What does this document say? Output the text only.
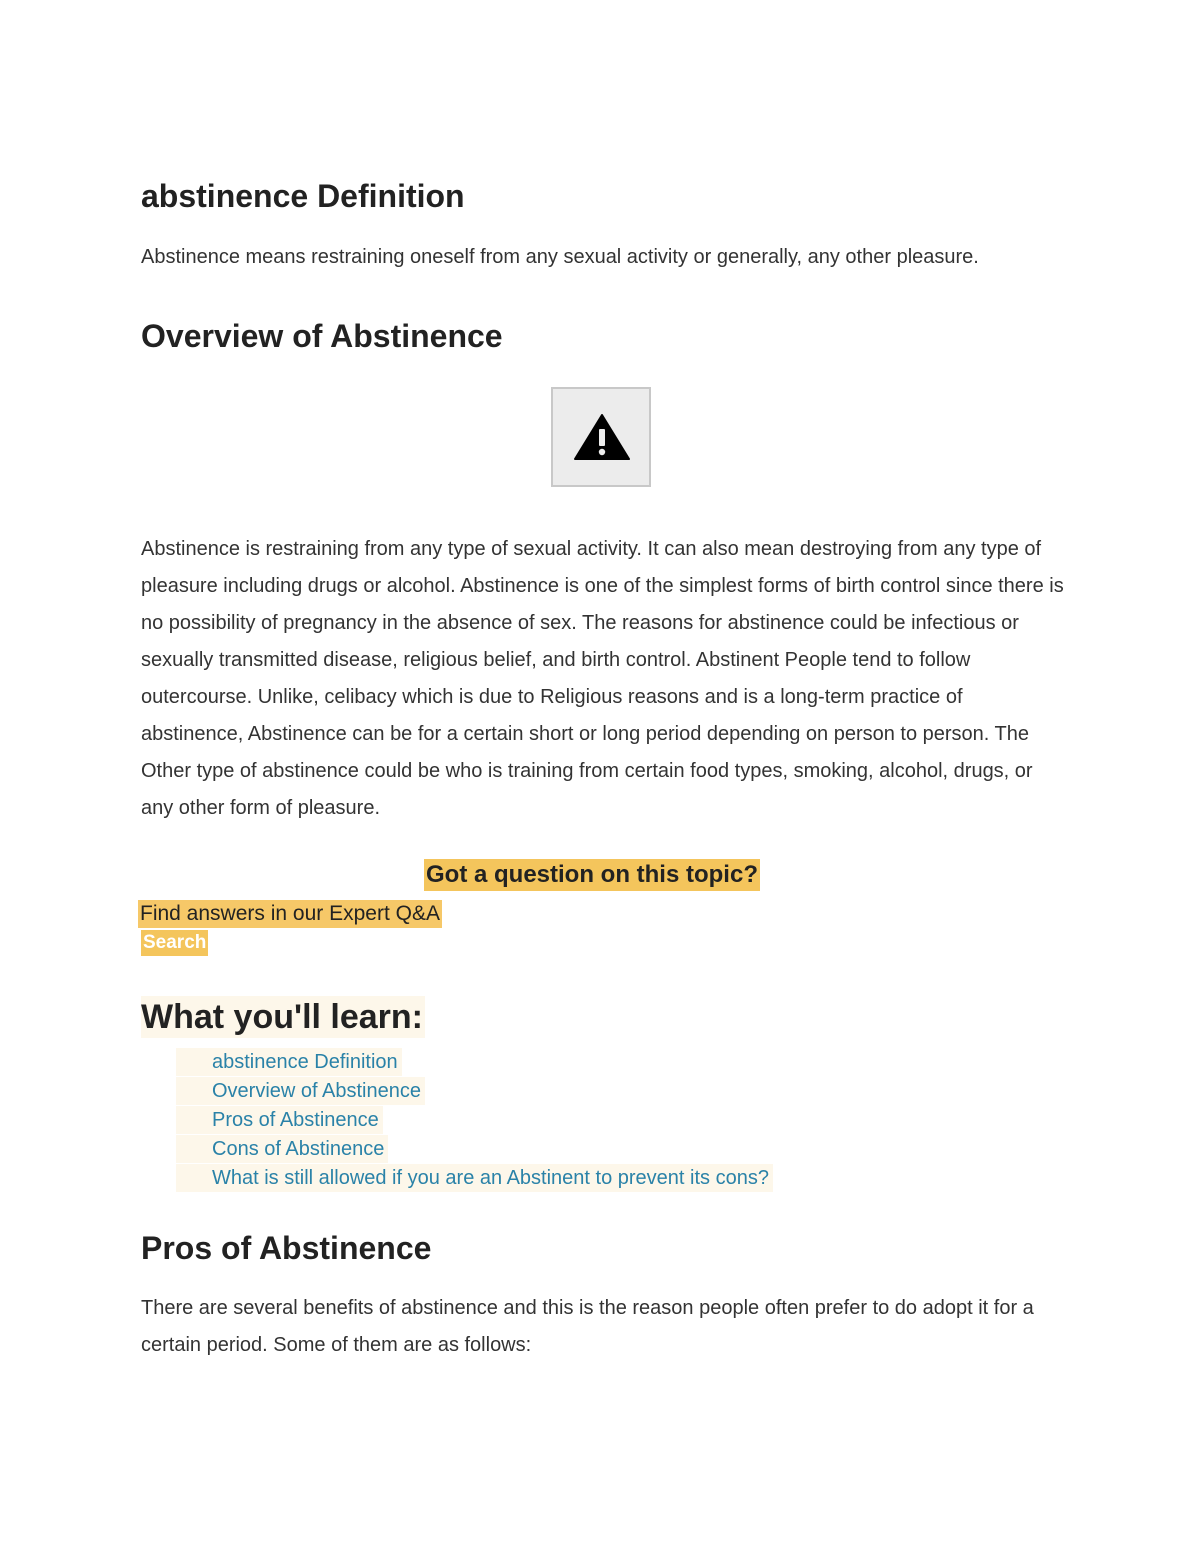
abstinence Definition

Abstinence means restraining oneself from any sexual activity or generally, any other pleasure.

Overview of Abstinence

Abstinence is restraining from any type of sexual activity. It can also mean destroying from any type of pleasure including drugs or alcohol. Abstinence is one of the simplest forms of birth control since there is no possibility of pregnancy in the absence of sex. The reasons for abstinence could be infectious or sexually transmitted disease, religious belief, and birth control. Abstinent People tend to follow outercourse. Unlike, celibacy which is due to Religious reasons and is a long-term practice of abstinence, Abstinence can be for a certain short or long period depending on person to person. The Other type of abstinence could be who is training from certain food types, smoking, alcohol, drugs, or any other form of pleasure.

Got a question on this topic?
Find answers in our Expert Q&A
Search
What you'll learn:
abstinence Definition
Overview of Abstinence
Pros of Abstinence
Cons of Abstinence
What is still allowed if you are an Abstinent to prevent its cons?
Pros of Abstinence

There are several benefits of abstinence and this is the reason people often prefer to do adopt it for a certain period. Some of them are as follows:
